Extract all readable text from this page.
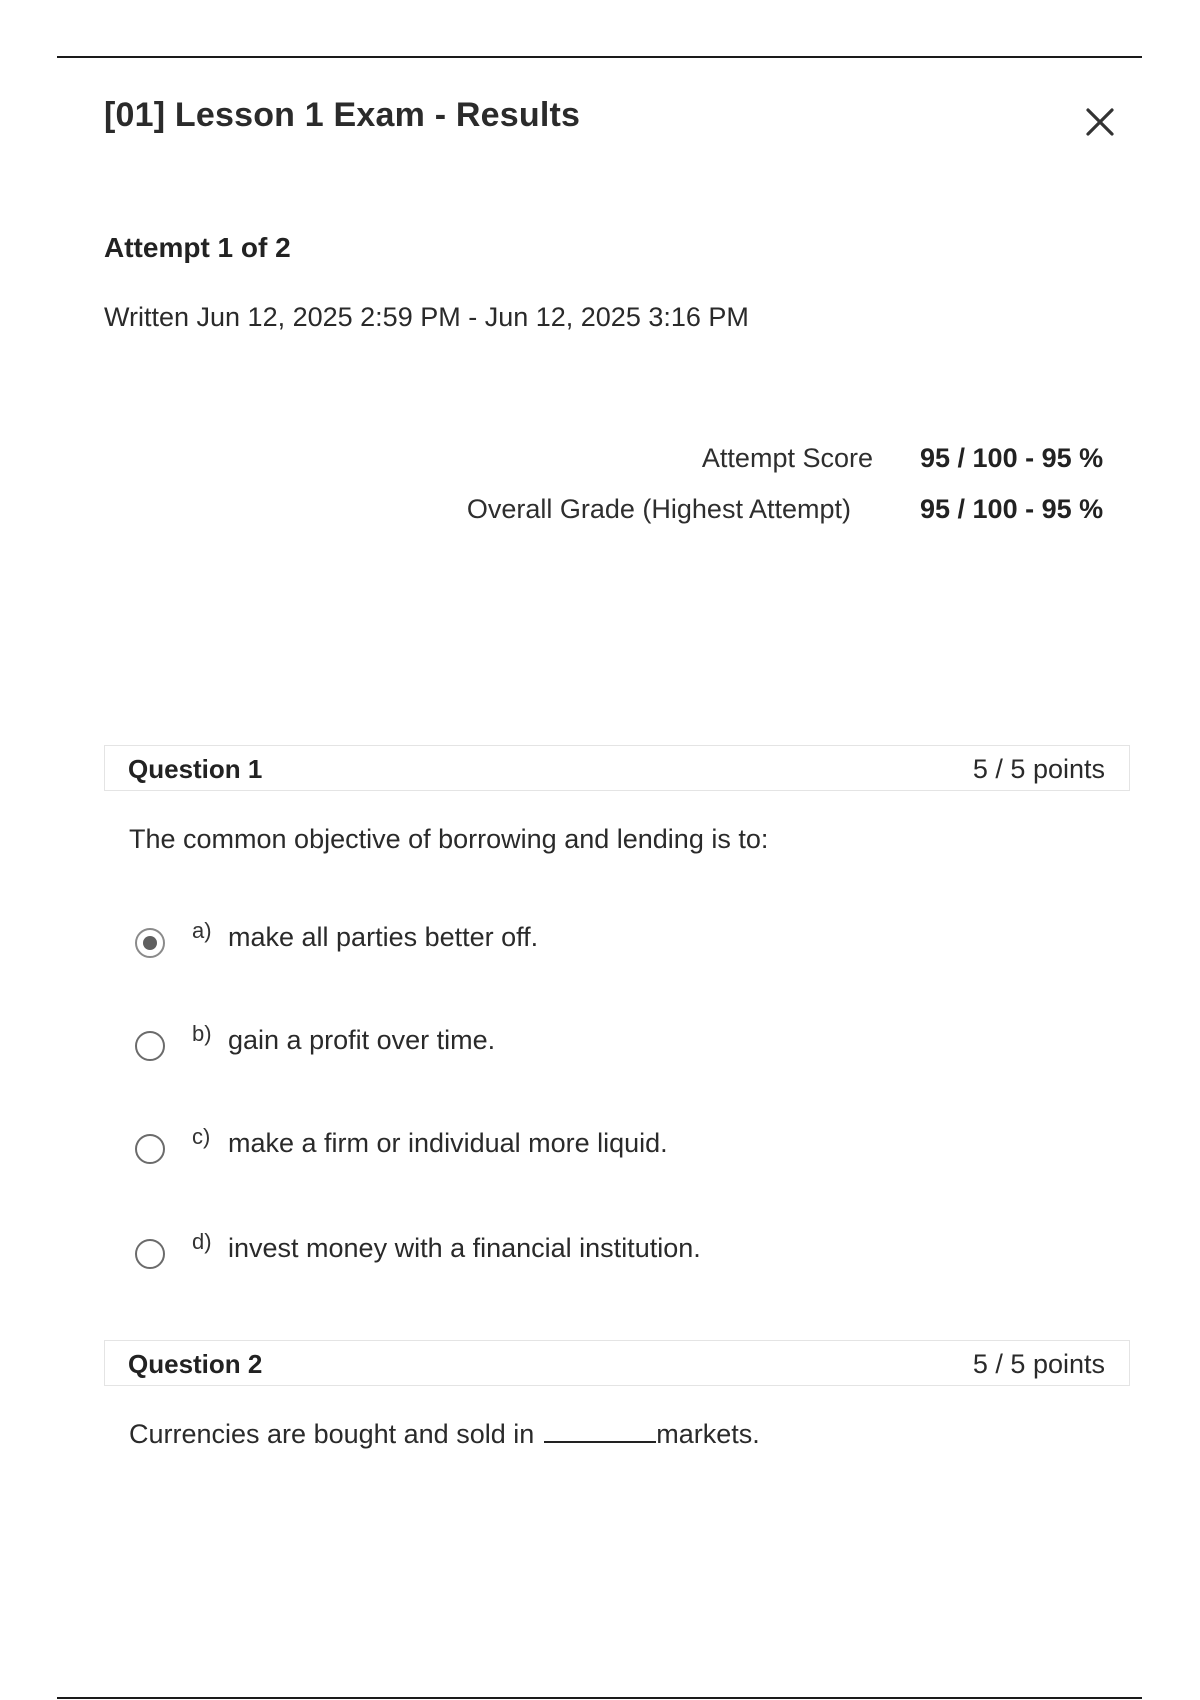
[01] Lesson 1 Exam - Results
Attempt 1 of 2
Written Jun 12, 2025 2:59 PM - Jun 12, 2025 3:16 PM
Attempt Score 95 / 100 - 95 %
Overall Grade (Highest Attempt)	95 / 100 - 95 %
Question 1	5 / 5 points
The common objective of borrowing and lending is to:
a) make all parties better off.
b) gain a profit over time.
c) make a firm or individual more liquid.
d) invest money with a financial institution.
Question 2	5 / 5 points
Currencies are bought and sold in	markets.
